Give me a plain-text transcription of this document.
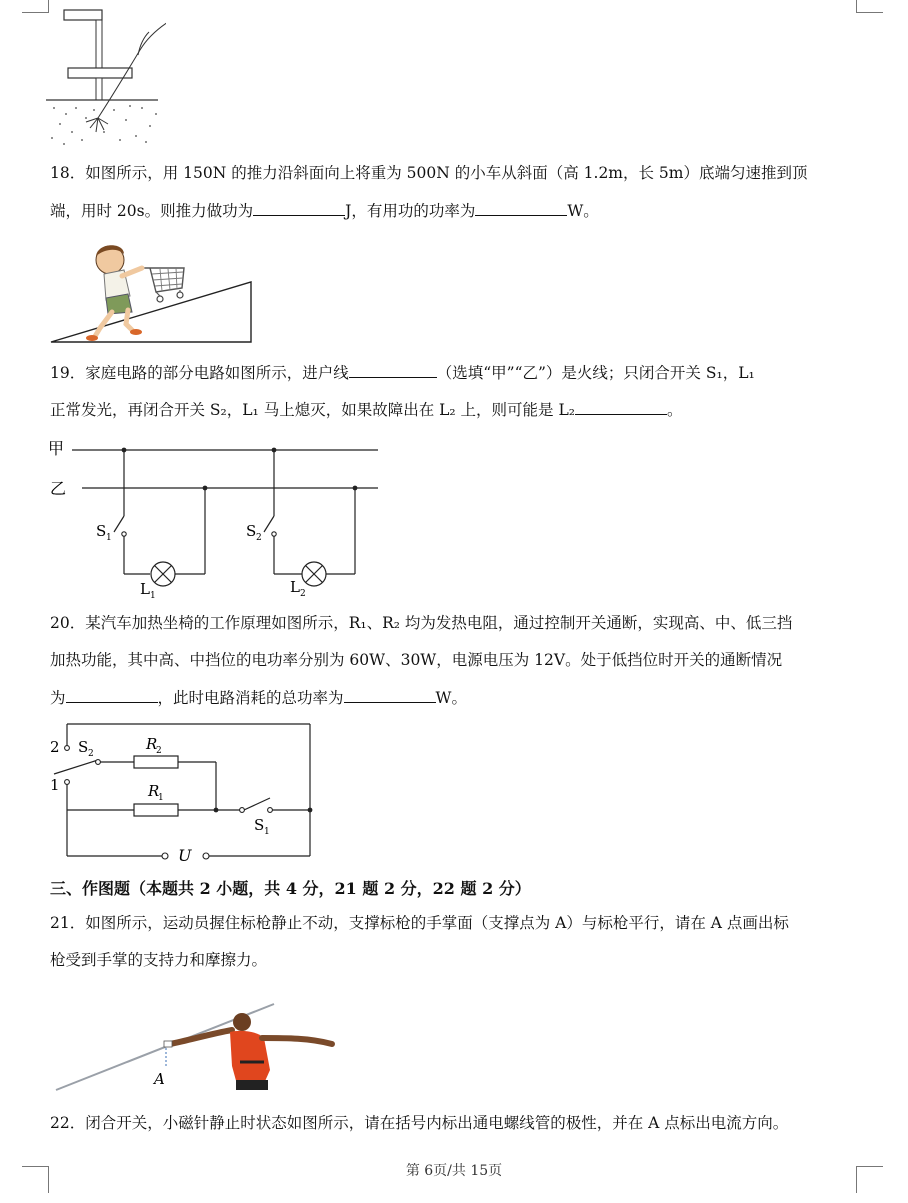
18．如图所示，用 150N 的推力沿斜面向上将重为 500N 的小车从斜面（高 1.2m，长 5m）底端匀速推到顶
端，用时 20s。则推力做功为	J，有用功的功率为	W。
19．家庭电路的部分电路如图所示，进户线	（选填“甲”“乙”）是火线；只闭合开关 S₁，L₁
正常发光，再闭合开关 S₂，L₁ 马上熄灭，如果故障出在 L₂ 上，则可能是 L₂	。
甲
乙
S 1
L 1
S 2
L 2
20．某汽车加热坐椅的工作原理如图所示，R₁、R₂ 均为发热电阻，通过控制开关通断，实现高、中、低三挡
加热功能，其中高、中挡位的电功率分别为 60W、30W，电源电压为 12V。处于低挡位时开关的通断情况
为	，此时电路消耗的总功率为	W。
2
1
S 2
R
2
R
1
S 1
U
三、作图题（本题共 2 小题，共 4 分，21 题 2 分，22 题 2 分）
21．如图所示，运动员握住标枪静止不动，支撑标枪的手掌面（支撑点为 A）与标枪平行，请在 A 点画出标
枪受到手掌的支持力和摩擦力。
A
22．闭合开关，小磁针静止时状态如图所示，请在括号内标出通电螺线管的极性，并在 A 点标出电流方向。
第 6页/共 15页
